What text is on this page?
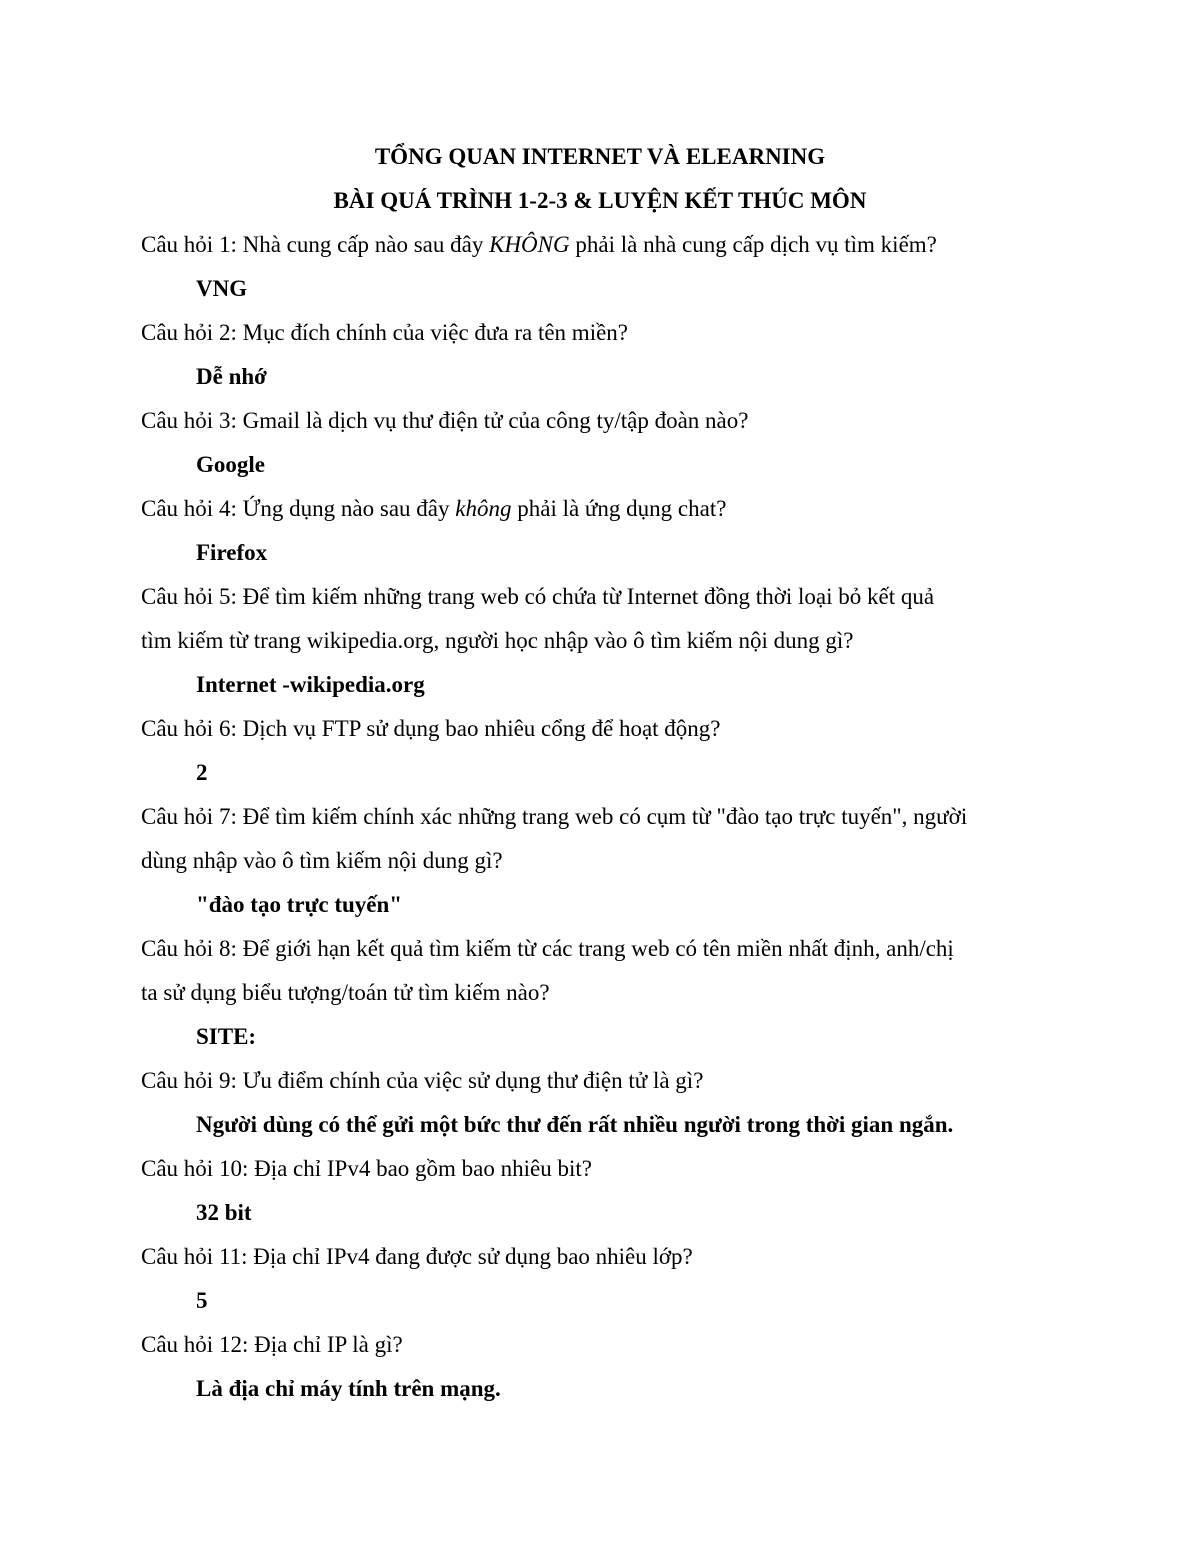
TỔNG QUAN INTERNET VÀ ELEARNING
BÀI QUÁ TRÌNH 1-2-3 & LUYỆN KẾT THÚC MÔN
Câu hỏi 1: Nhà cung cấp nào sau đây KHÔNG phải là nhà cung cấp dịch vụ tìm kiếm?
VNG
Câu hỏi 2: Mục đích chính của việc đưa ra tên miền?
Dễ nhớ
Câu hỏi 3: Gmail là dịch vụ thư điện tử của công ty/tập đoàn nào?
Google
Câu hỏi 4: Ứng dụng nào sau đây không phải là ứng dụng chat?
Firefox
Câu hỏi 5: Để tìm kiếm những trang web có chứa từ Internet đồng thời loại bỏ kết quả
tìm kiếm từ trang wikipedia.org, người học nhập vào ô tìm kiếm nội dung gì?
Internet -wikipedia.org
Câu hỏi 6: Dịch vụ FTP sử dụng bao nhiêu cổng để hoạt động?
2
Câu hỏi 7: Để tìm kiếm chính xác những trang web có cụm từ "đào tạo trực tuyến", người
dùng nhập vào ô tìm kiếm nội dung gì?
"đào tạo trực tuyến"
Câu hỏi 8: Để giới hạn kết quả tìm kiếm từ các trang web có tên miền nhất định, anh/chị
ta sử dụng biểu tượng/toán tử tìm kiếm nào?
SITE:
Câu hỏi 9: Ưu điểm chính của việc sử dụng thư điện tử là gì?
Người dùng có thể gửi một bức thư đến rất nhiều người trong thời gian ngắn.
Câu hỏi 10: Địa chỉ IPv4 bao gồm bao nhiêu bit?
32 bit
Câu hỏi 11: Địa chỉ IPv4 đang được sử dụng bao nhiêu lớp?
5
Câu hỏi 12: Địa chỉ IP là gì?
Là địa chỉ máy tính trên mạng.
